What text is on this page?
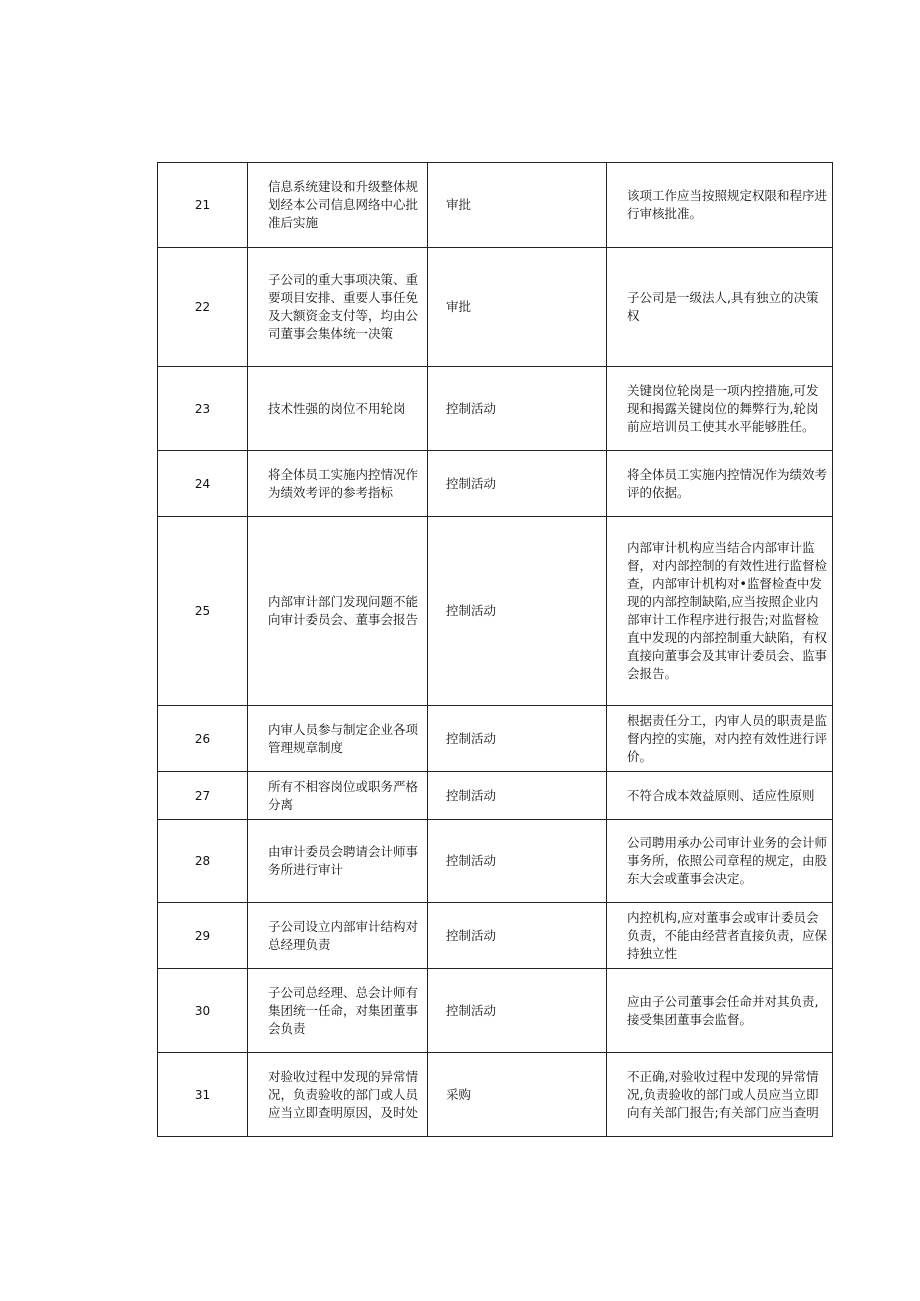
21	信息系统建设和升级整体规划经本公司信息网络中心批准后实施	审批	该项工作应当按照规定权限和程序进行审核批准。
22	子公司的重大事项决策、重要项目安排、重要人事任免及大额资金支付等，均由公司董事会集体统一决策	审批	子公司是一级法人,具有独立的决策权
23	技术性强的岗位不用轮岗	控制活动	关键岗位轮岗是一项内控措施,可发现和揭露关键岗位的舞弊行为,轮岗前应培训员工使其水平能够胜任。
24	将全体员工实施内控情况作为绩效考评的参考指标	控制活动	将全体员工实施内控情况作为绩效考评的依据。
25	内部审计部门发现问题不能向审计委员会、董事会报告	控制活动	内部审计机构应当结合内部审计监督，对内部控制的有效性进行监督检查，内部审计机构对•监督检查中发现的内部控制缺陷,应当按照企业内部审计工作程序进行报告;对监督检直中发现的内部控制重大缺陷，有权直接向董事会及其审计委员会、监事会报告。
26	内审人员参与制定企业各项管理规章制度	控制活动	根据责任分工，内审人员的职责是监督内控的实施，对内控有效性进行评价。
27	所有不相容岗位或职务严格分离	控制活动	不符合成本效益原则、适应性原则
28	由审计委员会聘请会计师事务所进行审计	控制活动	公司聘用承办公司审计业务的会计师事务所，依照公司章程的规定，由股东大会或董事会决定。
29	子公司设立内部审计结构对总经理负责	控制活动	内控机构,应对董事会或审计委员会负责，不能由经营者直接负责，应保持独立性
30	子公司总经理、总会计师有集团统一任命，对集团董事会负责	控制活动	应由子公司董事会任命并对其负责,接受集团董事会监督。
31	对验收过程中发现的异常情况，负责验收的部门或人员应当立即查明原因，及时处	采购	不正确,对验收过程中发现的异常情况,负责验收的部门或人员应当立即向有关部门报告;有关部门应当查明
